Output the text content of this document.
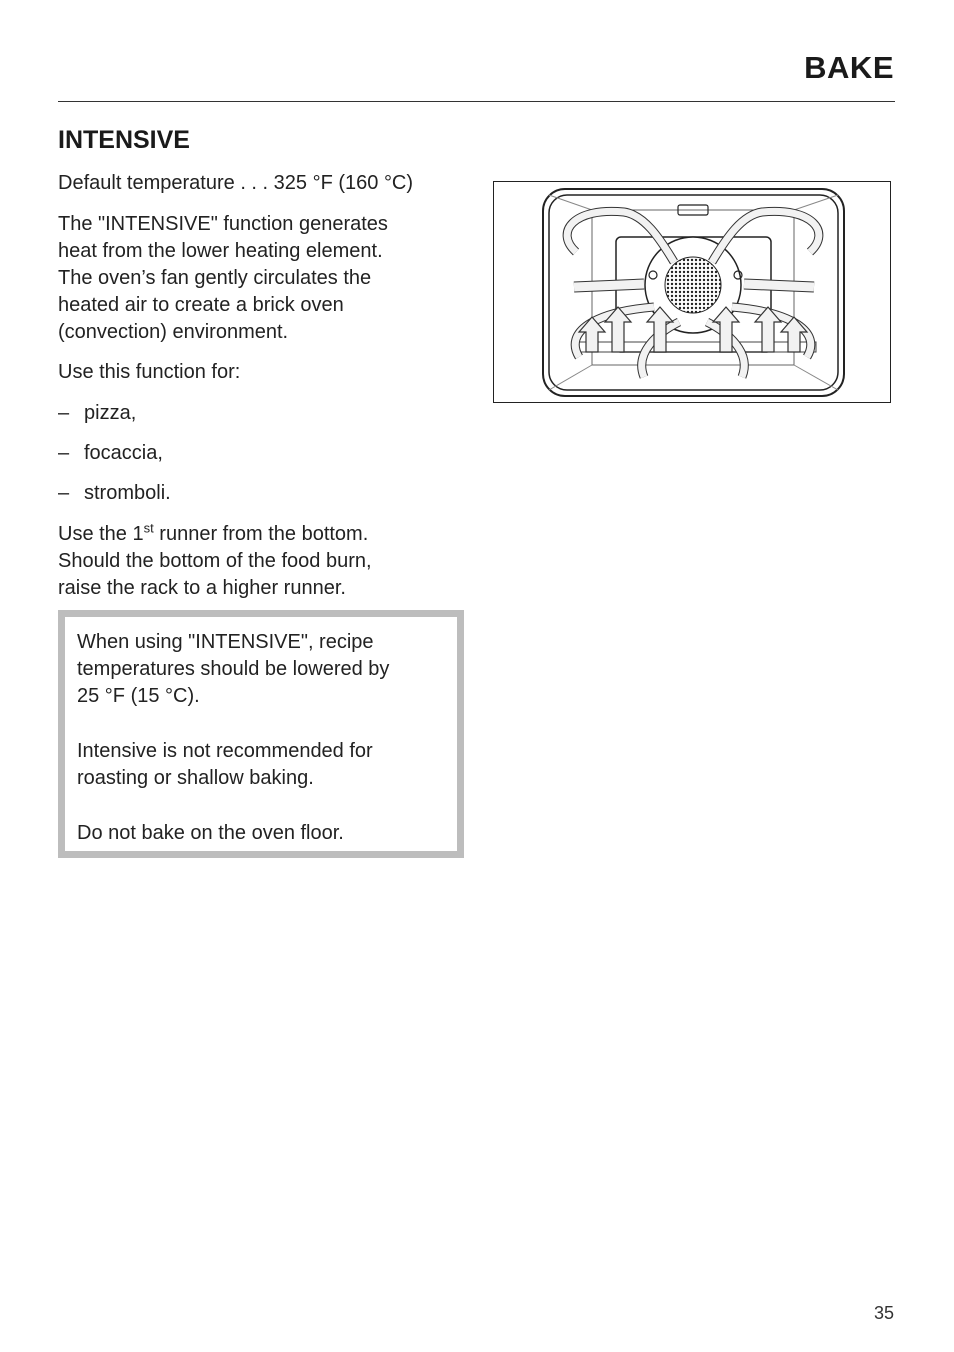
BAKE
INTENSIVE
Default temperature . . . 325 °F (160 °C)
The "INTENSIVE" function generates
heat from the lower heating element.
The oven’s fan gently circulates the
heated air to create a brick oven
(convection) environment.
Use this function for:
– pizza,
– focaccia,
– stromboli.
Use the 1st runner from the bottom.
Should the bottom of the food burn,
raise the rack to a higher runner.

When using "INTENSIVE", recipe
temperatures should be lowered by
25 °F (15 °C).

Intensive is not recommended for
roasting or shallow baking.

Do not bake on the oven floor.

35
